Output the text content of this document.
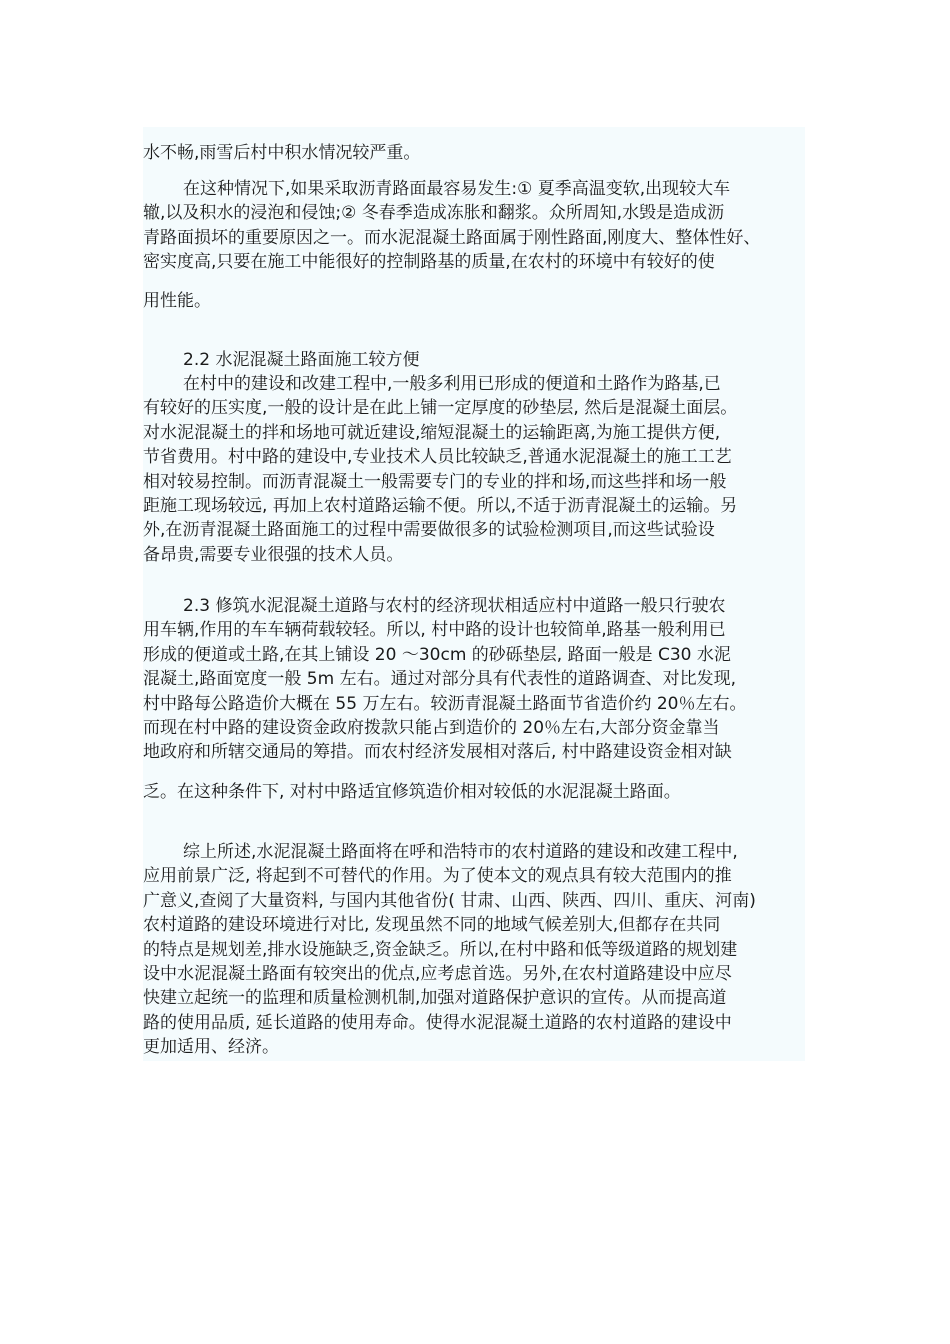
水不畅,雨雪后村中积水情况较严重。
在这种情况下,如果采取沥青路面最容易发生:① 夏季高温变软,出现较大车
辙,以及积水的浸泡和侵蚀;② 冬春季造成冻胀和翻浆。众所周知,水毁是造成沥
青路面损坏的重要原因之一。而水泥混凝土路面属于刚性路面,刚度大、整体性好、
密实度高,只要在施工中能很好的控制路基的质量,在农村的环境中有较好的使
用性能。
2.2 水泥混凝土路面施工较方便
在村中的建设和改建工程中,一般多利用已形成的便道和土路作为路基,已
有较好的压实度,一般的设计是在此上铺一定厚度的砂垫层, 然后是混凝土面层。
对水泥混凝土的拌和场地可就近建设,缩短混凝土的运输距离,为施工提供方便,
节省费用。村中路的建设中,专业技术人员比较缺乏,普通水泥混凝土的施工工艺
相对较易控制。而沥青混凝土一般需要专门的专业的拌和场,而这些拌和场一般
距施工现场较远, 再加上农村道路运输不便。所以,不适于沥青混凝土的运输。另
外,在沥青混凝土路面施工的过程中需要做很多的试验检测项目,而这些试验设
备昂贵,需要专业很强的技术人员。
2.3 修筑水泥混凝土道路与农村的经济现状相适应村中道路一般只行驶农
用车辆,作用的车车辆荷载较轻。所以, 村中路的设计也较简单,路基一般利用已
形成的便道或土路,在其上铺设 20 ～30cm 的砂砾垫层, 路面一般是 C30 水泥
混凝土,路面宽度一般 5m 左右。通过对部分具有代表性的道路调查、对比发现,
村中路每公路造价大概在 55 万左右。较沥青混凝土路面节省造价约 20％左右。
而现在村中路的建设资金政府拨款只能占到造价的 20％左右,大部分资金靠当
地政府和所辖交通局的筹措。而农村经济发展相对落后, 村中路建设资金相对缺
乏。在这种条件下, 对村中路适宜修筑造价相对较低的水泥混凝土路面。
综上所述,水泥混凝土路面将在呼和浩特市的农村道路的建设和改建工程中,
应用前景广泛, 将起到不可替代的作用。为了使本文的观点具有较大范围内的推
广意义,查阅了大量资料, 与国内其他省份( 甘肃、山西、陕西、四川、重庆、河南)
农村道路的建设环境进行对比, 发现虽然不同的地域气候差别大,但都存在共同
的特点是规划差,排水设施缺乏,资金缺乏。所以,在村中路和低等级道路的规划建
设中水泥混凝土路面有较突出的优点,应考虑首选。另外,在农村道路建设中应尽
快建立起统一的监理和质量检测机制,加强对道路保护意识的宣传。从而提高道
路的使用品质, 延长道路的使用寿命。使得水泥混凝土道路的农村道路的建设中
更加适用、经济。
